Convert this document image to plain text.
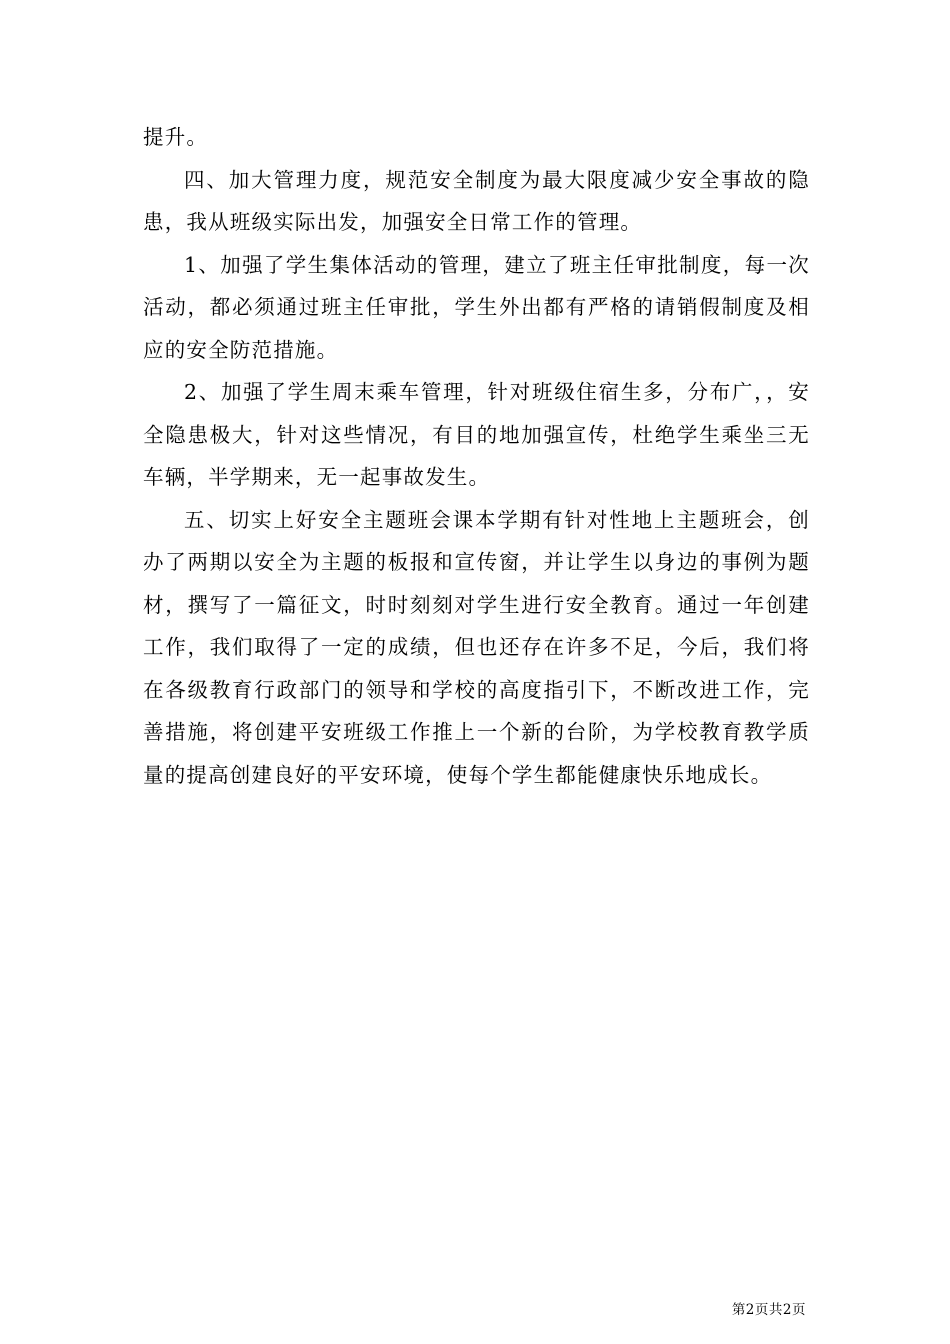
提升。

四、加大管理力度，规范安全制度为最大限度减少安全事故的隐患，我从班级实际出发，加强安全日常工作的管理。

1、加强了学生集体活动的管理，建立了班主任审批制度，每一次活动，都必须通过班主任审批，学生外出都有严格的请销假制度及相应的安全防范措施。

2、加强了学生周末乘车管理，针对班级住宿生多，分布广，，安全隐患极大，针对这些情况，有目的地加强宣传，杜绝学生乘坐三无车辆，半学期来，无一起事故发生。

五、切实上好安全主题班会课本学期有针对性地上主题班会，创办了两期以安全为主题的板报和宣传窗，并让学生以身边的事例为题材，撰写了一篇征文，时时刻刻对学生进行安全教育。通过一年创建工作，我们取得了一定的成绩，但也还存在许多不足，今后，我们将在各级教育行政部门的领导和学校的高度指引下，不断改进工作，完善措施，将创建平安班级工作推上一个新的台阶，为学校教育教学质量的提高创建良好的平安环境，使每个学生都能健康快乐地成长。

第2页共2页
